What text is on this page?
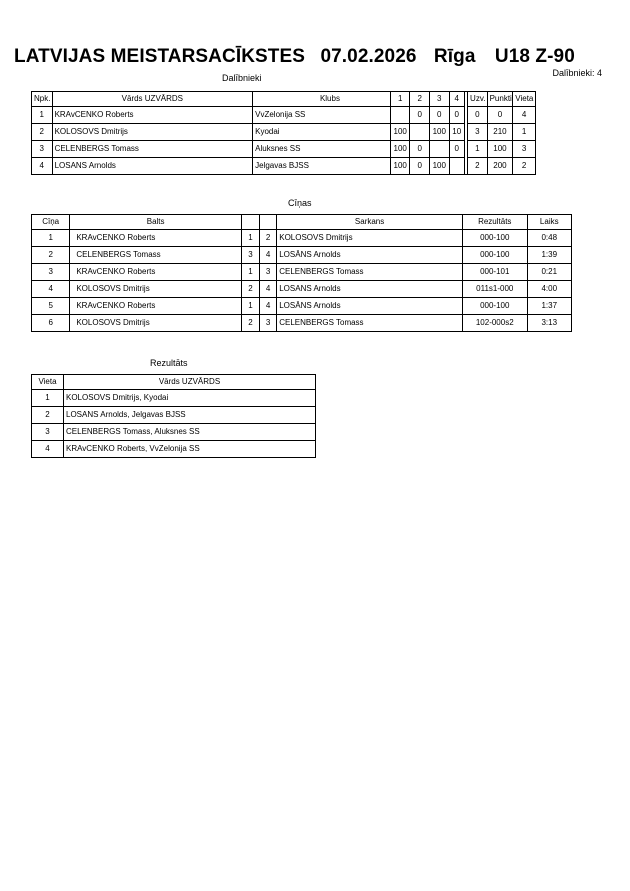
LATVIJAS MEISTARSACĪKSTES 07.02.2026 Rīga U18 Z-90
Dalībnieki	Dalībnieki: 4
Npk.	Vārds UZVĀRDS	Klubs	1	2	3	4		Uzv.	Punkti	Vieta
1	KRAvCENKO Roberts	VvZelonija SS		0	0	0		0	0	4
2	KOLOSOVS Dmitrijs	Kyodai	100		100	10		3	210	1
3	CELENBERGS Tomass	Aluksnes SS	100	0		0		1	100	3
4	LOSANS Arnolds	Jelgavas BJSS	100	0	100			2	200	2
Cīņas
Cīņa	Balts			Sarkans	Rezultāts	Laiks
1	KRAvCENKO Roberts	1	2	KOLOSOVS Dmitrijs	000-100	0:48
2	CELENBERGS Tomass	3	4	LOSĀNS Arnolds	000-100	1:39
3	KRAvCENKO Roberts	1	3	CELENBERGS Tomass	000-101	0:21
4	KOLOSOVS Dmitrijs	2	4	LOSANS Arnolds	011s1-000	4:00
5	KRAvCENKO Roberts	1	4	LOSĀNS Arnolds	000-100	1:37
6	KOLOSOVS Dmitrijs	2	3	CELENBERGS Tomass	102-000s2	3:13
Rezultāts
Vieta	Vārds UZVĀRDS
1	KOLOSOVS Dmitrijs, Kyodai
2	LOSANS Arnolds, Jelgavas BJSS
3	CELENBERGS Tomass, Aluksnes SS
4	KRAvCENKO Roberts, VvZelonija SS
